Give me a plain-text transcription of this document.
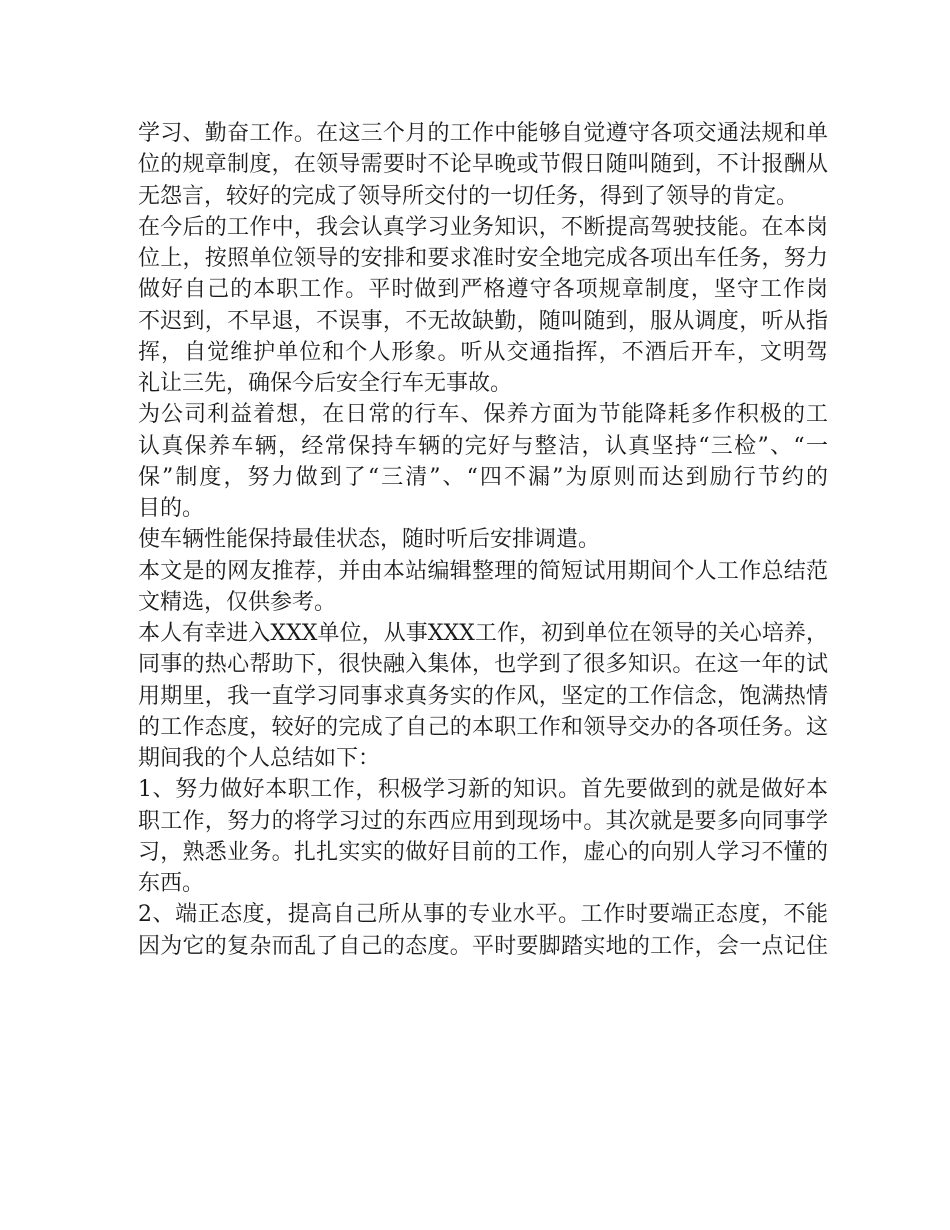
学习、勤奋工作。在这三个月的工作中能够自觉遵守各项交通法规和单
位的规章制度，在领导需要时不论早晚或节假日随叫随到，不计报酬从
无怨言，较好的完成了领导所交付的一切任务，得到了领导的肯定。
在今后的工作中，我会认真学习业务知识，不断提高驾驶技能。在本岗
位上，按照单位领导的安排和要求准时安全地完成各项出车任务，努力
做好自己的本职工作。平时做到严格遵守各项规章制度，坚守工作岗
不迟到，不早退，不误事，不无故缺勤，随叫随到，服从调度，听从指
挥，自觉维护单位和个人形象。听从交通指挥，不酒后开车，文明驾
礼让三先，确保今后安全行车无事故。
为公司利益着想，在日常的行车、保养方面为节能降耗多作积极的工
认真保养车辆，经常保持车辆的完好与整洁，认真坚持“三检”、“一
保”制度，努力做到了“三清”、“四不漏”为原则而达到励行节约的
目的。
使车辆性能保持最佳状态，随时听后安排调遣。
本文是的网友推荐，并由本站编辑整理的简短试用期间个人工作总结范
文精选，仅供参考。
本人有幸进入XXX单位，从事XXX工作，初到单位在领导的关心培养，
同事的热心帮助下，很快融入集体，也学到了很多知识。在这一年的试
用期里，我一直学习同事求真务实的作风，坚定的工作信念，饱满热情
的工作态度，较好的完成了自己的本职工作和领导交办的各项任务。这
期间我的个人总结如下：
1、努力做好本职工作，积极学习新的知识。首先要做到的就是做好本
职工作，努力的将学习过的东西应用到现场中。其次就是要多向同事学
习，熟悉业务。扎扎实实的做好目前的工作，虚心的向别人学习不懂的
东西。
2、端正态度，提高自己所从事的专业水平。工作时要端正态度，不能
因为它的复杂而乱了自己的态度。平时要脚踏实地的工作，会一点记住
